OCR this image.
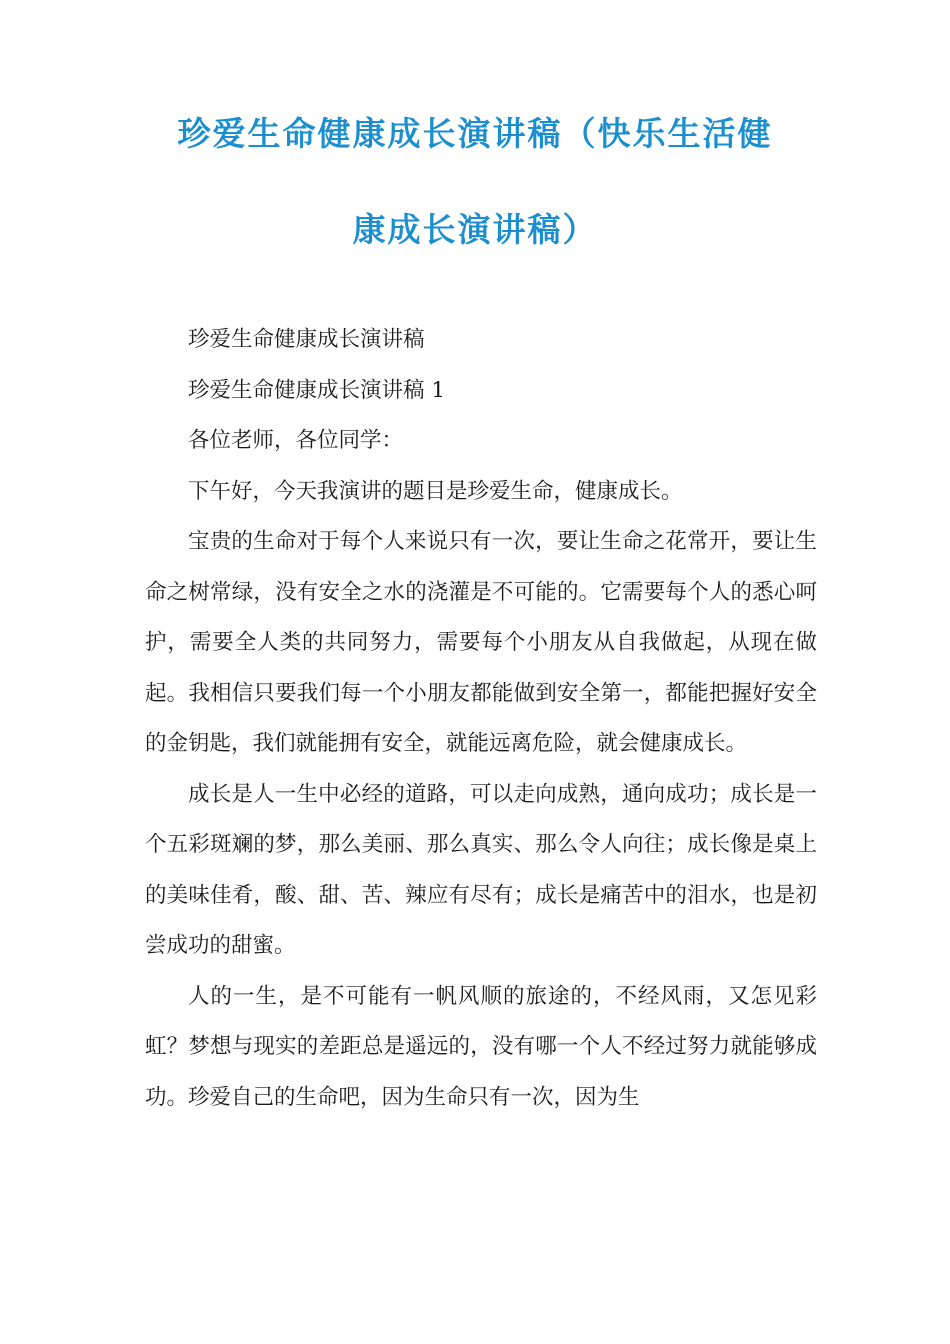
珍爱生命健康成长演讲稿（快乐生活健
康成长演讲稿）

珍爱生命健康成长演讲稿

珍爱生命健康成长演讲稿 1

各位老师，各位同学：

下午好，今天我演讲的题目是珍爱生命，健康成长。

宝贵的生命对于每个人来说只有一次，要让生命之花常开，要让生命之树常绿，没有安全之水的浇灌是不可能的。它需要每个人的悉心呵护，需要全人类的共同努力，需要每个小朋友从自我做起，从现在做起。我相信只要我们每一个小朋友都能做到安全第一，都能把握好安全的金钥匙，我们就能拥有安全，就能远离危险，就会健康成长。

成长是人一生中必经的道路，可以走向成熟，通向成功；成长是一个五彩斑斓的梦，那么美丽、那么真实、那么令人向往；成长像是桌上的美味佳肴，酸、甜、苦、辣应有尽有；成长是痛苦中的泪水，也是初尝成功的甜蜜。

人的一生，是不可能有一帆风顺的旅途的，不经风雨，又怎见彩虹？梦想与现实的差距总是遥远的，没有哪一个人不经过努力就能够成功。珍爱自己的生命吧，因为生命只有一次，因为生
